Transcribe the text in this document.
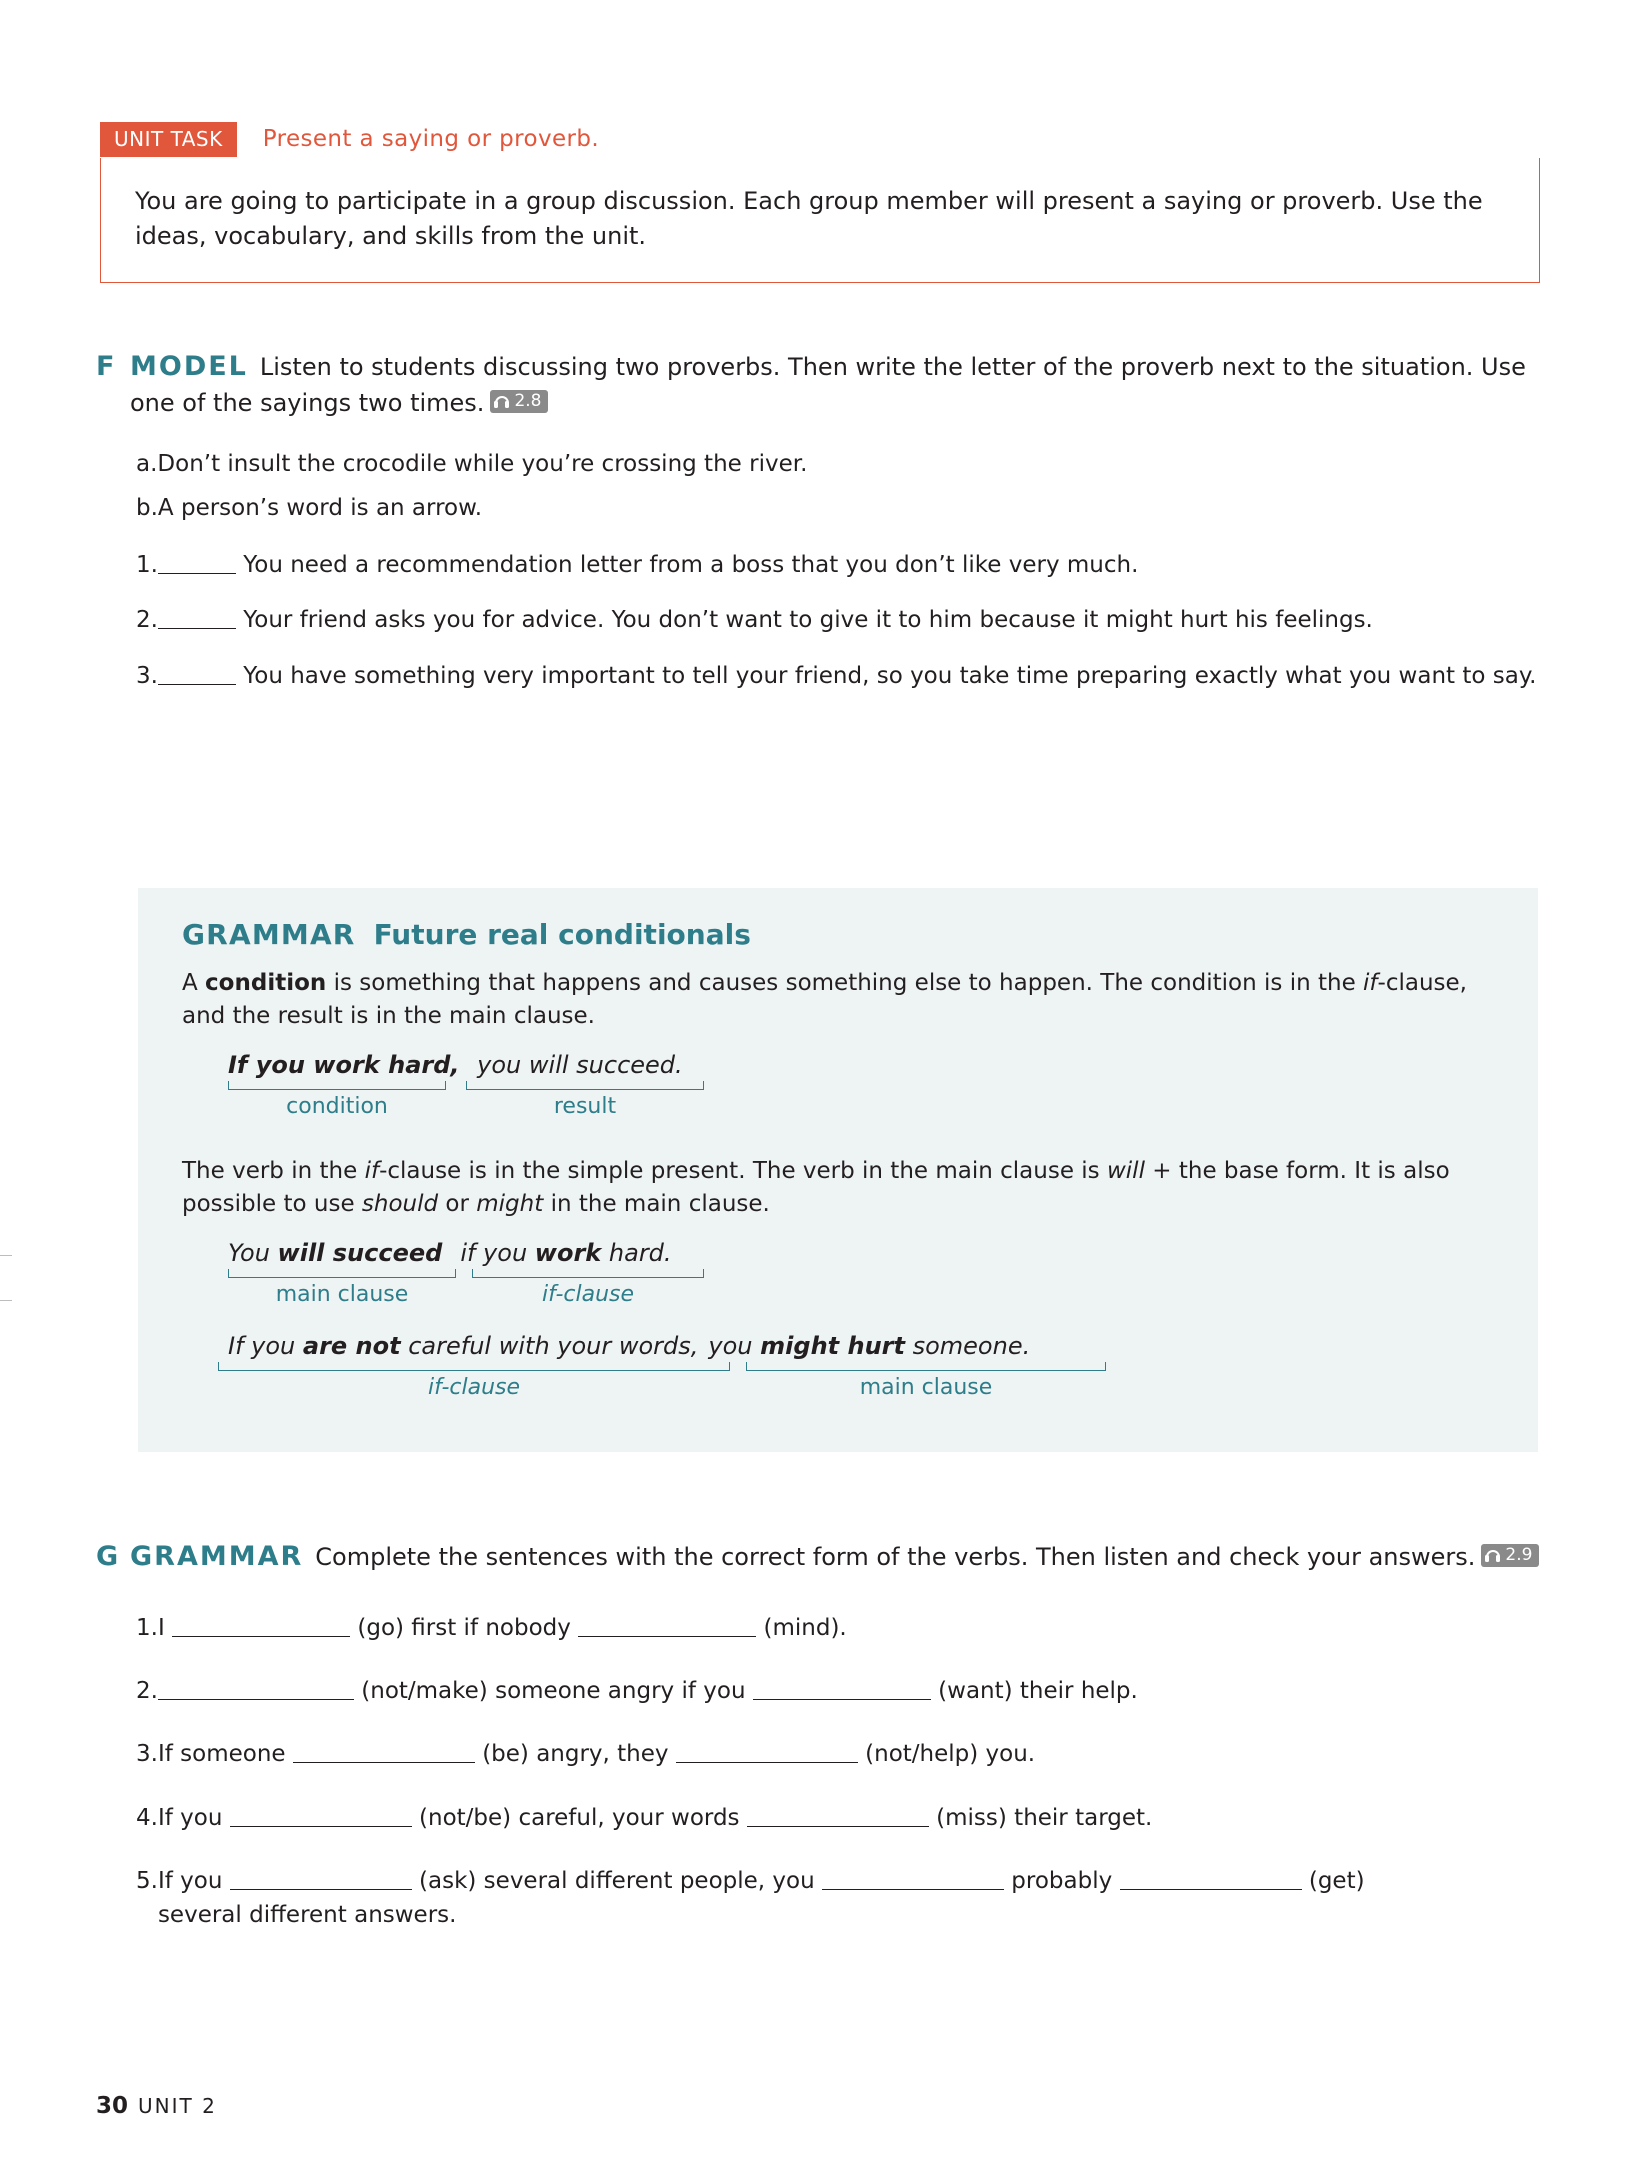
UNIT TASK	Present a saying or proverb.

You are going to participate in a group discussion. Each group member will present a saying or proverb. Use the ideas, vocabulary, and skills from the unit.

F MODEL Listen to students discussing two proverbs. Then write the letter of the proverb next to the situation. Use one of the sayings two times. 2.8
a. Don’t insult the crocodile while you’re crossing the river.
b. A person’s word is an arrow.
1.	You need a recommendation letter from a boss that you don’t like very much.
2.	Your friend asks you for advice. You don’t want to give it to him because it might hurt his feelings.
3.	You have something very important to tell your friend, so you take time preparing exactly what you want to say.
GRAMMAR Future real conditionals

A condition is something that happens and causes something else to happen. The condition is in the if-clause, and the result is in the main clause.

If you work hard, you will succeed.
condition	result

The verb in the if-clause is in the simple present. The verb in the main clause is will + the base form. It is also possible to use should or might in the main clause.

You will succeed if you work hard.
main clause	if-clause
If you are not careful with your words, you might hurt someone.
if-clause	main clause
G GRAMMAR Complete the sentences with the correct form of the verbs. Then listen and check your answers. 2.9
1. I	(go) first if nobody	(mind).
2.	(not/make) someone angry if you	(want) their help.
3. If someone	(be) angry, they	(not/help) you.
4. If you	(not/be) careful, your words	(miss) their target.
5. If you	(ask) several different people, you	probably	(get)
several different answers.
30 UNIT 2
